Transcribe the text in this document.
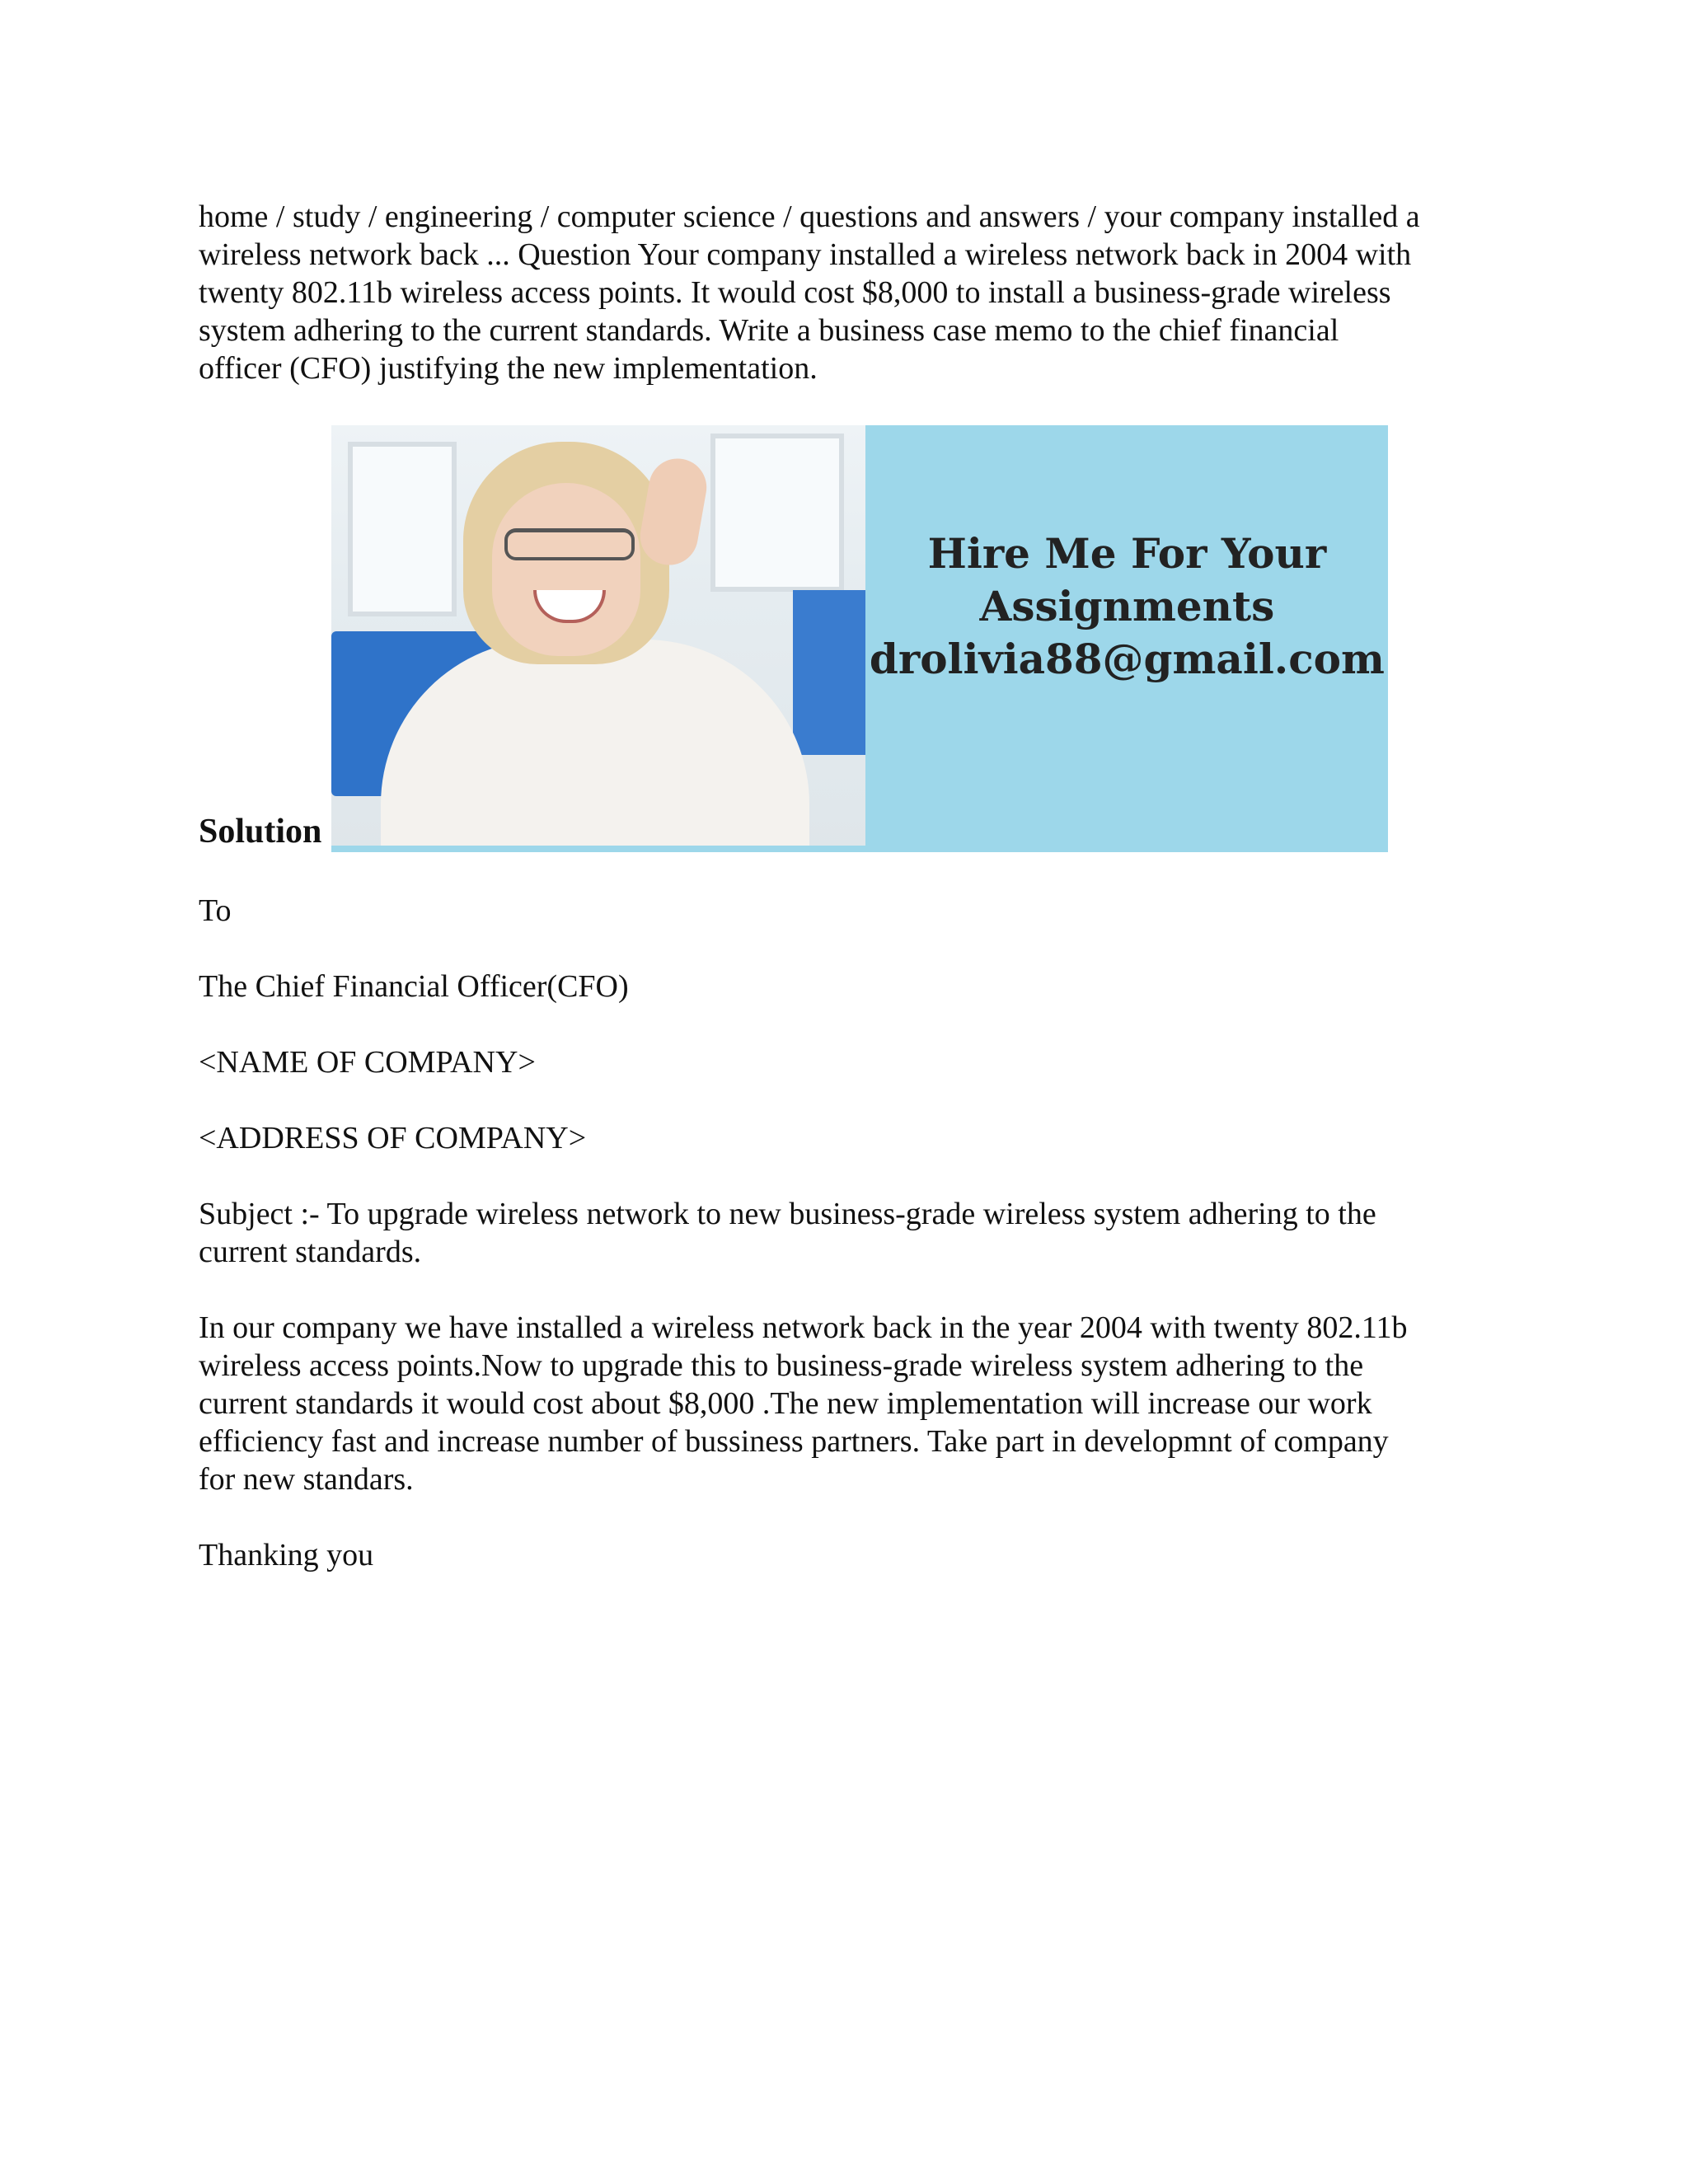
home / study / engineering / computer science / questions and answers / your company installed a
wireless network back ... Question Your company installed a wireless network back in 2004 with
twenty 802.11b wireless access points. It would cost $8,000 to install a business-grade wireless
system adhering to the current standards. Write a business case memo to the chief financial
officer (CFO) justifying the new implementation.

Solution
Hire Me For Your
Assignments
drolivia88@gmail.com

To

The Chief Financial Officer(CFO)

<NAME OF COMPANY>

<ADDRESS OF COMPANY>

Subject :- To upgrade wireless network to new business-grade wireless system adhering to the
current standards.

In our company we have installed a wireless network back in the year 2004 with twenty 802.11b
wireless access points.Now to upgrade this to business-grade wireless system adhering to the
current standards it would cost about $8,000 .The new implementation will increase our work
efficiency fast and increase number of bussiness partners. Take part in developmnt of company
for new standars.

Thanking you
